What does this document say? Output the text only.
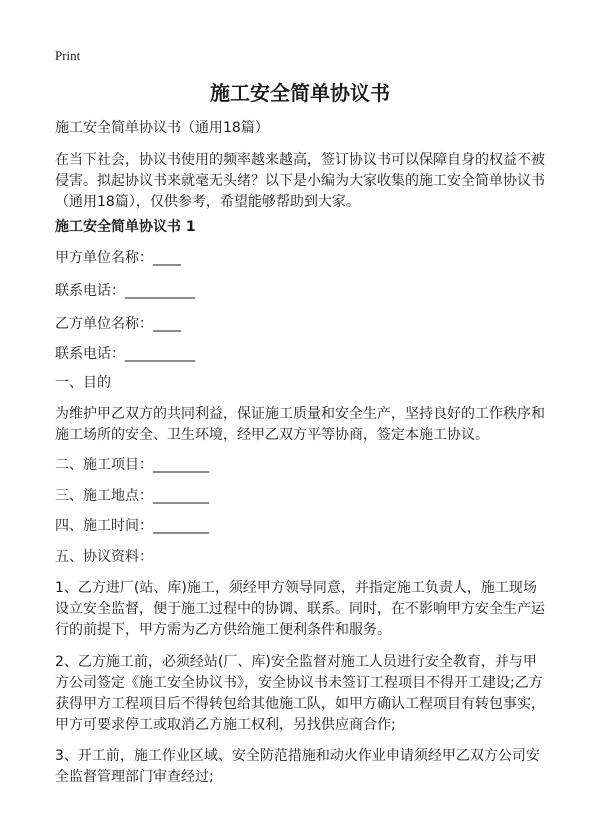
Print
施工安全简单协议书
施工安全简单协议书（通用18篇）
在当下社会，协议书使用的频率越来越高，签订协议书可以保障自身的权益不被侵害。拟起协议书来就毫无头绪？以下是小编为大家收集的施工安全简单协议书（通用18篇），仅供参考，希望能够帮助到大家。
施工安全简单协议书 1
甲方单位名称：____
联系电话：__________
乙方单位名称：____
联系电话：__________
一、目的
为维护甲乙双方的共同利益，保证施工质量和安全生产，坚持良好的工作秩序和施工场所的安全、卫生环境，经甲乙双方平等协商，签定本施工协议。
二、施工项目：________
三、施工地点：________
四、施工时间：________
五、协议资料：
1、乙方进厂(站、库)施工，须经甲方领导同意，并指定施工负责人，施工现场设立安全监督，便于施工过程中的协调、联系。同时，在不影响甲方安全生产运行的前提下，甲方需为乙方供给施工便利条件和服务。
2、乙方施工前，必须经站(厂、库)安全监督对施工人员进行安全教育，并与甲方公司签定《施工安全协议书》，安全协议书未签订工程项目不得开工建设;乙方获得甲方工程项目后不得转包给其他施工队，如甲方确认工程项目有转包事实，甲方可要求停工或取消乙方施工权利，另找供应商合作;
3、开工前，施工作业区域、安全防范措施和动火作业申请须经甲乙双方公司安全监督管理部门审查经过;
